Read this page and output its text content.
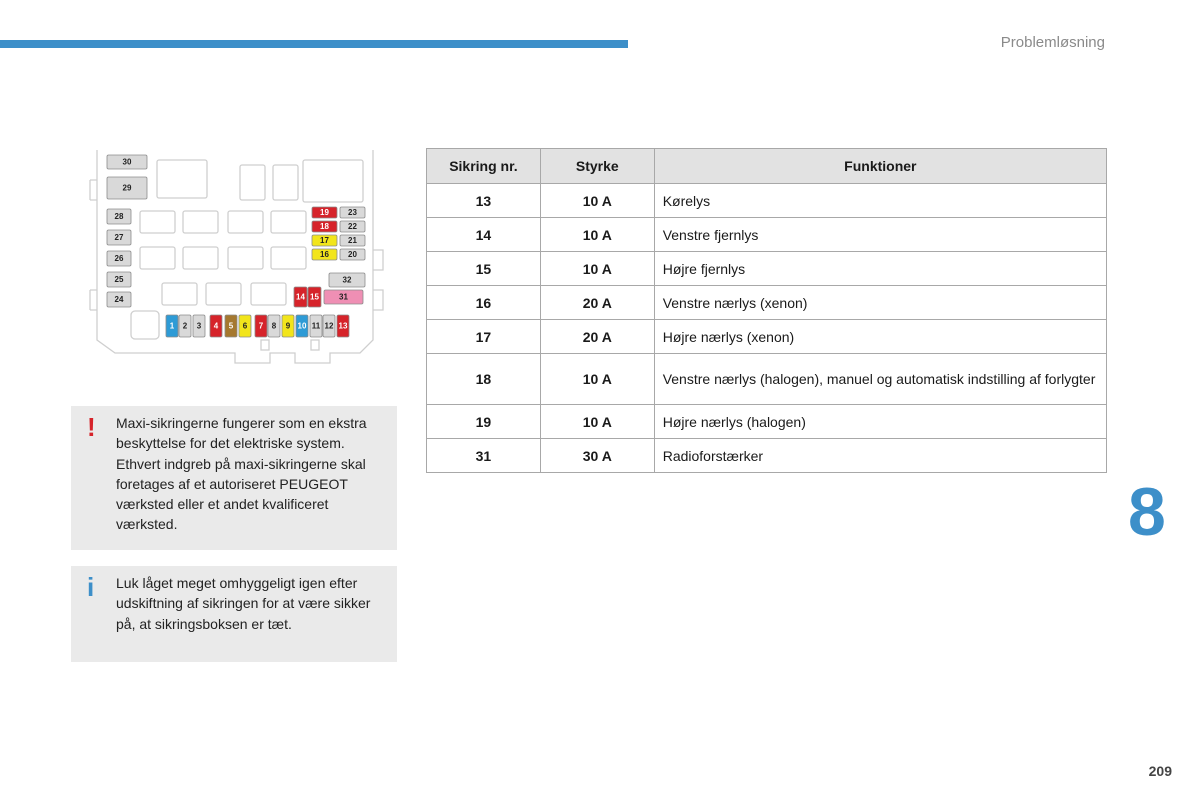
Problemløsning
30
29
28
27
26
25
24
19 23
18 22
17 21
16 20
32
14 15	31
1 2 3 4 5 6 7 8 9 10 11 12 13
! Maxi-sikringerne fungerer som en ekstra beskyttelse for det elektriske system. Ethvert indgreb på maxi-sikringerne skal foretages af et autoriseret PEUGEOT værksted eller et andet kvalificeret værksted.
i Luk låget meget omhyggeligt igen efter udskiftning af sikringen for at være sikker på, at sikringsboksen er tæt.
Sikring nr.	Styrke	Funktioner
13	10 A	Kørelys
14	10 A	Venstre fjernlys
15	10 A	Højre fjernlys
16	20 A	Venstre nærlys (xenon)
17	20 A	Højre nærlys (xenon)
18	10 A	Venstre nærlys (halogen), manuel og automatisk indstilling af forlygter
19	10 A	Højre nærlys (halogen)
31	30 A	Radioforstærker
8
209
